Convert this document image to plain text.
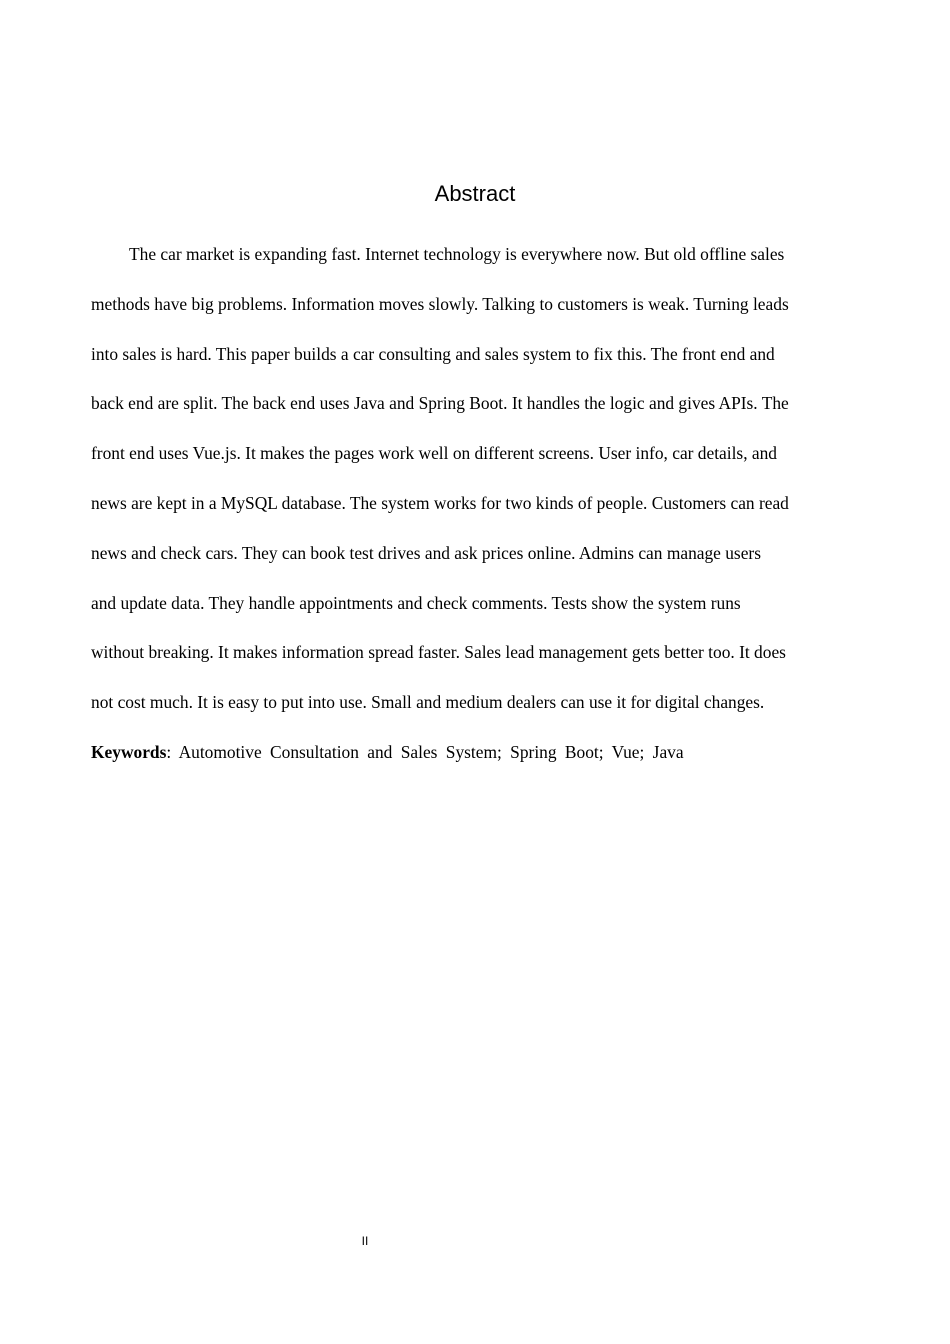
Abstract

The car market is expanding fast. Internet technology is everywhere now. But old offline sales
methods have big problems. Information moves slowly. Talking to customers is weak. Turning leads
into sales is hard. This paper builds a car consulting and sales system to fix this. The front end and
back end are split. The back end uses Java and Spring Boot. It handles the logic and gives APIs. The
front end uses Vue.js. It makes the pages work well on different screens. User info, car details, and
news are kept in a MySQL database. The system works for two kinds of people. Customers can read
news and check cars. They can book test drives and ask prices online. Admins can manage users
and update data. They handle appointments and check comments. Tests show the system runs
without breaking. It makes information spread faster. Sales lead management gets better too. It does
not cost much. It is easy to put into use. Small and medium dealers can use it for digital changes.

Keywords: Automotive Consultation and Sales System; Spring Boot; Vue; Java

II
